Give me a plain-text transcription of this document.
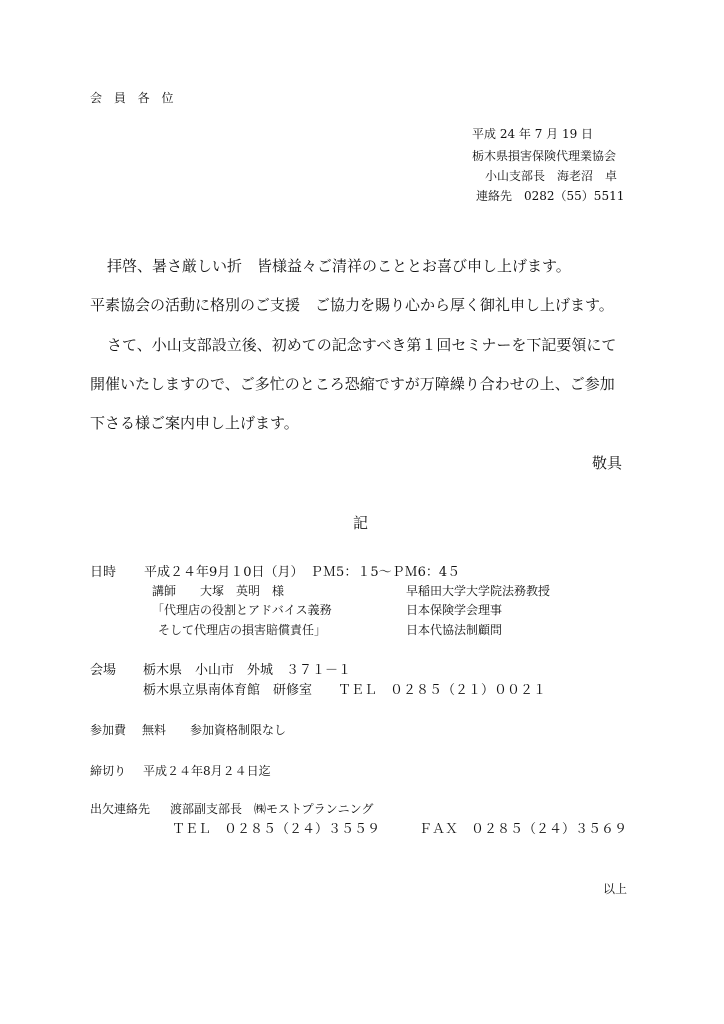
会 員 各 位
平成 24 年 7 月 19 日
栃木県損害保険代理業協会
小山支部長　海老沼　卓
連絡先　0282（55）5511
拝啓、暑さ厳しい折　皆様益々ご清祥のこととお喜び申し上げます。
平素協会の活動に格別のご支援　ご協力を賜り心から厚く御礼申し上げます。
さて、小山支部設立後、初めての記念すべき第１回セミナーを下記要領にて
開催いたしますので、ご多忙のところ恐縮ですが万障繰り合わせの上、ご参加
下さる様ご案内申し上げます。
敬具
記
日時 平成２４年9月１0日（月）　ＰＭ5：１5〜ＰＭ6：4５
講師　　大塚　英明　様	早稲田大学大学院法務教授
「代理店の役割とアドバイス義務	日本保険学会理事
そして代理店の損害賠償責任」	日本代協法制顧問
会場 栃木県　小山市　外城　３７１－１
栃木県立県南体育館　研修室　　ＴＥＬ　０２８５（２１）００２１
参加費 無料　　参加資格制限なし
締切り 平成２４年8月２４日迄
出欠連絡先 渡部副支部長　㈱モストプランニング
ＴＥＬ　０２８５（２４）３５５９　　　ＦＡＸ　０２８５（２４）３５６９
以上
